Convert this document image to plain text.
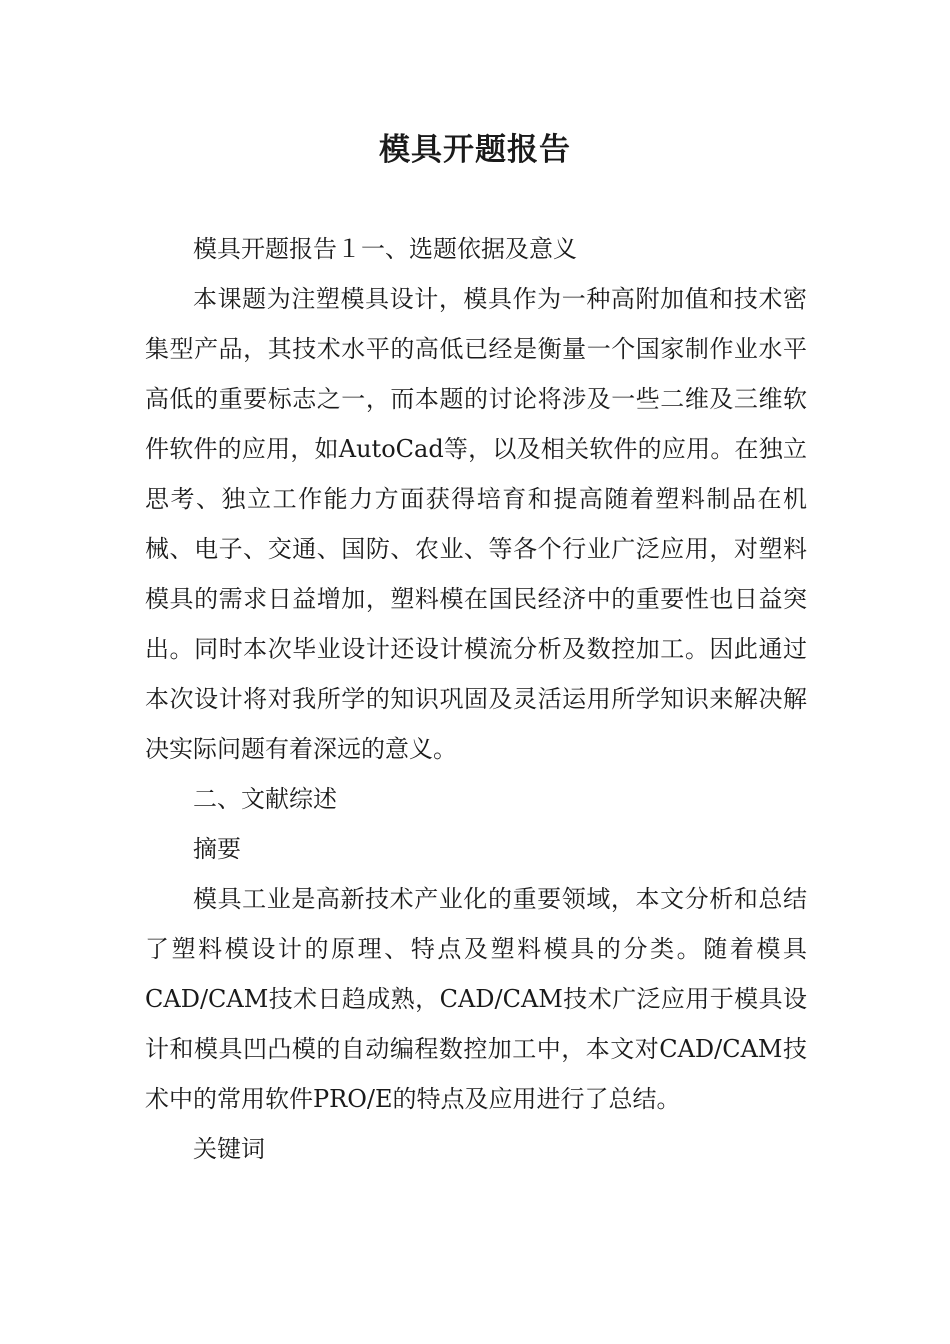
模具开题报告

模具开题报告１一、选题依据及意义

本课题为注塑模具设计，模具作为一种高附加值和技术密集型产品，其技术水平的高低已经是衡量一个国家制作业水平高低的重要标志之一，而本题的讨论将涉及一些二维及三维软件软件的应用，如AutoCad等，以及相关软件的应用。在独立思考、独立工作能力方面获得培育和提高随着塑料制品在机械、电子、交通、国防、农业、等各个行业广泛应用，对塑料模具的需求日益增加，塑料模在国民经济中的重要性也日益突出。同时本次毕业设计还设计模流分析及数控加工。因此通过本次设计将对我所学的知识巩固及灵活运用所学知识来解决解决实际问题有着深远的意义。

二、文献综述

摘要

模具工业是高新技术产业化的重要领域，本文分析和总结了塑料模设计的原理、特点及塑料模具的分类。随着模具CAD/CAM技术日趋成熟，CAD/CAM技术广泛应用于模具设计和模具凹凸模的自动编程数控加工中，本文对CAD/CAM技术中的常用软件PRO/E的特点及应用进行了总结。

关键词
